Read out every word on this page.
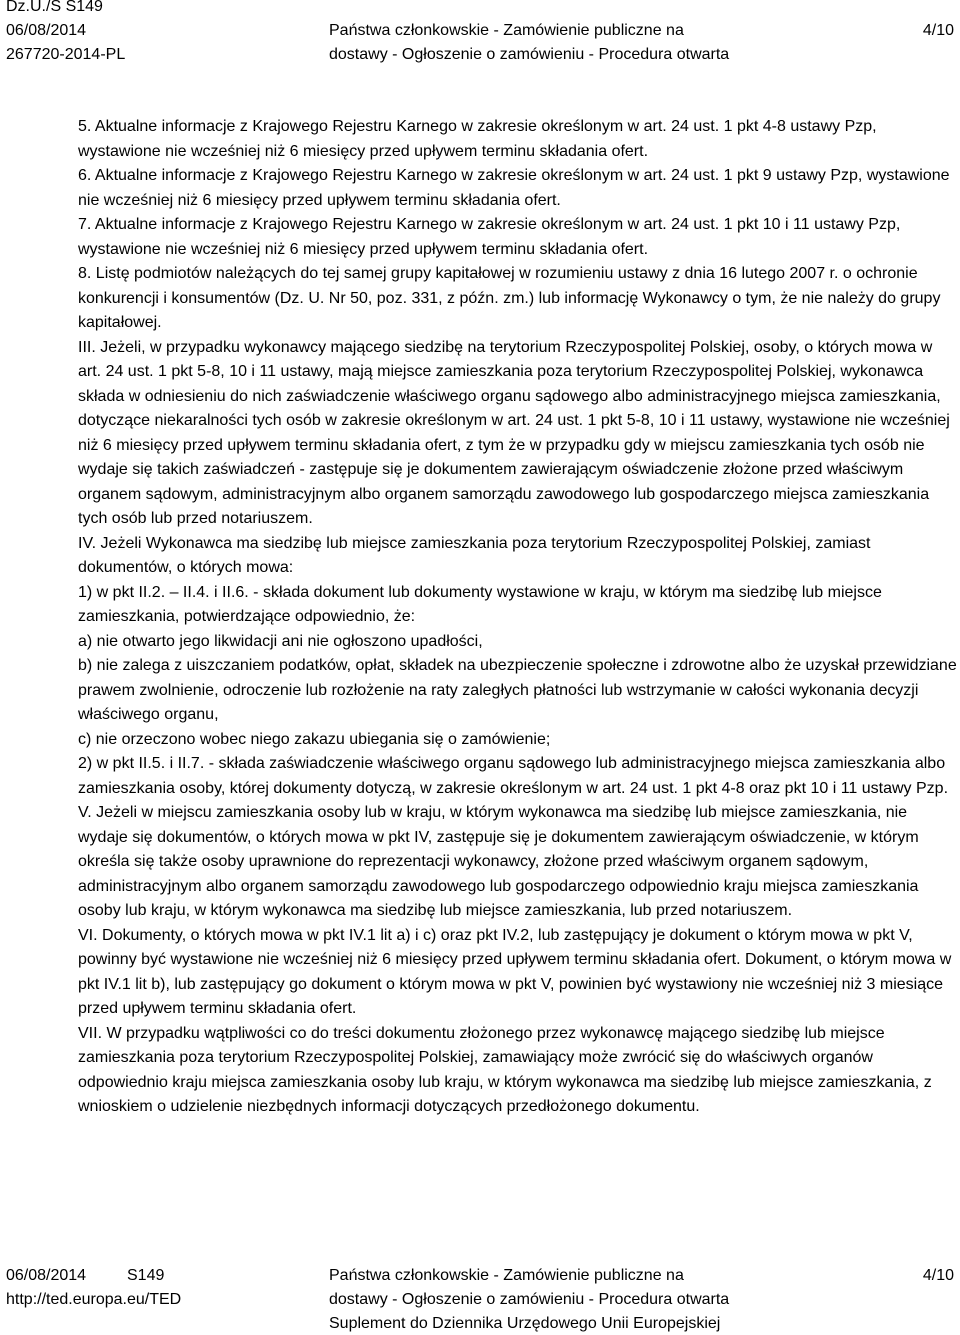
Dz.U./S S149
06/08/2014
267720-2014-PL
Państwa członkowskie - Zamówienie publiczne na
dostawy - Ogłoszenie o zamówieniu - Procedura otwarta
4/10

5. Aktualne informacje z Krajowego Rejestru Karnego w zakresie określonym w art. 24 ust. 1 pkt 4-8 ustawy Pzp, wystawione nie wcześniej niż 6 miesięcy przed upływem terminu składania ofert.

6. Aktualne informacje z Krajowego Rejestru Karnego w zakresie określonym w art. 24 ust. 1 pkt 9 ustawy Pzp, wystawione nie wcześniej niż 6 miesięcy przed upływem terminu składania ofert.

7. Aktualne informacje z Krajowego Rejestru Karnego w zakresie określonym w art. 24 ust. 1 pkt 10 i 11 ustawy Pzp, wystawione nie wcześniej niż 6 miesięcy przed upływem terminu składania ofert.

8. Listę podmiotów należących do tej samej grupy kapitałowej w rozumieniu ustawy z dnia 16 lutego 2007 r. o ochronie konkurencji i konsumentów (Dz. U. Nr 50, poz. 331, z późn. zm.) lub informację Wykonawcy o tym, że nie należy do grupy kapitałowej.

III. Jeżeli, w przypadku wykonawcy mającego siedzibę na terytorium Rzeczypospolitej Polskiej, osoby, o których mowa w art. 24 ust. 1 pkt 5-8, 10 i 11 ustawy, mają miejsce zamieszkania poza terytorium Rzeczypospolitej Polskiej, wykonawca składa w odniesieniu do nich zaświadczenie właściwego organu sądowego albo administracyjnego miejsca zamieszkania, dotyczące niekaralności tych osób w zakresie określonym w art. 24 ust. 1 pkt 5-8, 10 i 11 ustawy, wystawione nie wcześniej niż 6 miesięcy przed upływem terminu składania ofert, z tym że w przypadku gdy w miejscu zamieszkania tych osób nie wydaje się takich zaświadczeń - zastępuje się je dokumentem zawierającym oświadczenie złożone przed właściwym organem sądowym, administracyjnym albo organem samorządu zawodowego lub gospodarczego miejsca zamieszkania tych osób lub przed notariuszem.

IV. Jeżeli Wykonawca ma siedzibę lub miejsce zamieszkania poza terytorium Rzeczypospolitej Polskiej, zamiast dokumentów, o których mowa:

1) w pkt II.2. – II.4. i II.6. - składa dokument lub dokumenty wystawione w kraju, w którym ma siedzibę lub miejsce zamieszkania, potwierdzające odpowiednio, że:

a) nie otwarto jego likwidacji ani nie ogłoszono upadłości,

b) nie zalega z uiszczaniem podatków, opłat, składek na ubezpieczenie społeczne i zdrowotne albo że uzyskał przewidziane prawem zwolnienie, odroczenie lub rozłożenie na raty zaległych płatności lub wstrzymanie w całości wykonania decyzji właściwego organu,

c) nie orzeczono wobec niego zakazu ubiegania się o zamówienie;

2) w pkt II.5. i II.7. - składa zaświadczenie właściwego organu sądowego lub administracyjnego miejsca zamieszkania albo zamieszkania osoby, której dokumenty dotyczą, w zakresie określonym w art. 24 ust. 1 pkt 4-8 oraz pkt 10 i 11 ustawy Pzp.

V. Jeżeli w miejscu zamieszkania osoby lub w kraju, w którym wykonawca ma siedzibę lub miejsce zamieszkania, nie wydaje się dokumentów, o których mowa w pkt IV, zastępuje się je dokumentem zawierającym oświadczenie, w którym określa się także osoby uprawnione do reprezentacji wykonawcy, złożone przed właściwym organem sądowym, administracyjnym albo organem samorządu zawodowego lub gospodarczego odpowiednio kraju miejsca zamieszkania osoby lub kraju, w którym wykonawca ma siedzibę lub miejsce zamieszkania, lub przed notariuszem.

VI. Dokumenty, o których mowa w pkt IV.1 lit a) i c) oraz pkt IV.2, lub zastępujący je dokument o którym mowa w pkt V, powinny być wystawione nie wcześniej niż 6 miesięcy przed upływem terminu składania ofert. Dokument, o którym mowa w pkt IV.1 lit b), lub zastępujący go dokument o którym mowa w pkt V, powinien być wystawiony nie wcześniej niż 3 miesiące przed upływem terminu składania ofert.

VII. W przypadku wątpliwości co do treści dokumentu złożonego przez wykonawcę mającego siedzibę lub miejsce zamieszkania poza terytorium Rzeczypospolitej Polskiej, zamawiający może zwrócić się do właściwych organów odpowiednio kraju miejsca zamieszkania osoby lub kraju, w którym wykonawca ma siedzibę lub miejsce zamieszkania, z wnioskiem o udzielenie niezbędnych informacji dotyczących przedłożonego dokumentu.

06/08/2014	S149
http://ted.europa.eu/TED
Państwa członkowskie - Zamówienie publiczne na
dostawy - Ogłoszenie o zamówieniu - Procedura otwarta
Suplement do Dziennika Urzędowego Unii Europejskiej
4/10
